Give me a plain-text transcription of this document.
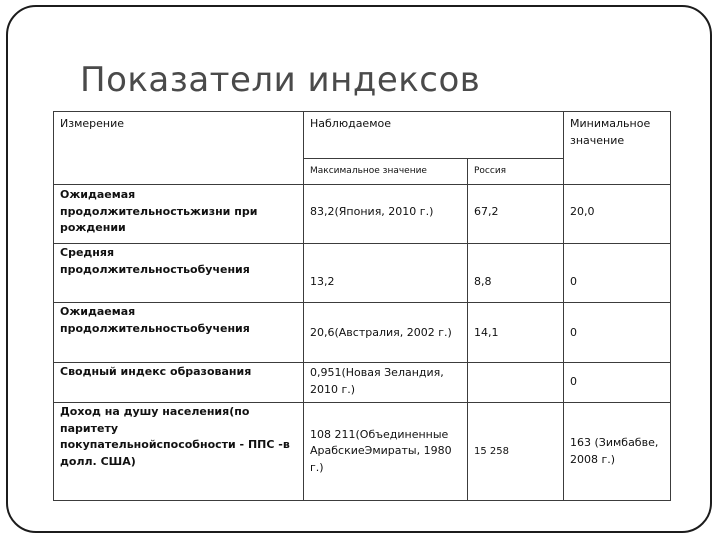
Показатели индексов
Измерение	Наблюдаемое		Минимальное значение
	Максимальное значение	Россия	
Ожидаемая продолжительностьжизни при рождении	83,2(Япония, 2010 г.)	67,2	20,0
Средняя продолжительностьобучения	13,2	8,8	0
Ожидаемая продолжительностьобучения	20,6(Австралия, 2002 г.)	14,1	0
Сводный индекс образования	0,951(Новая Зеландия, 2010 г.)		0
Доход на душу населения(по паритету покупательнойспособности - ППС -в долл. США)	108 211(Объединенные АрабскиеЭмираты, 1980 г.)	15 258	163 (Зимбабве, 2008 г.)
